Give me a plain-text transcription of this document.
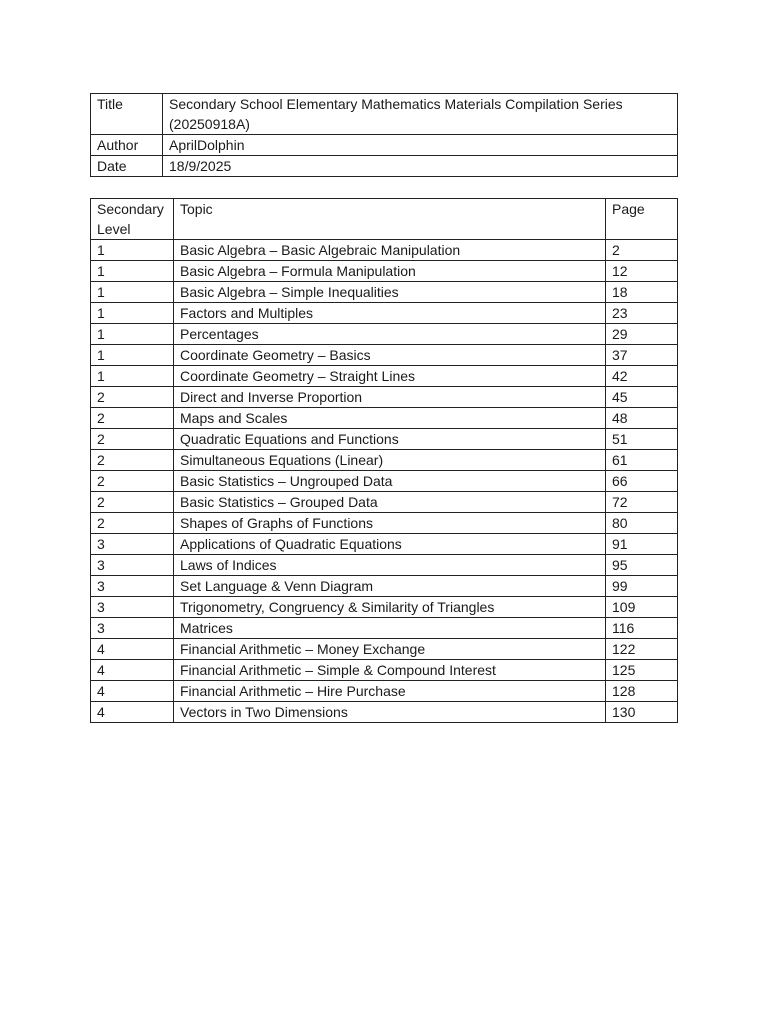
Title	Secondary School Elementary Mathematics Materials Compilation Series (20250918A)
Author	AprilDolphin
Date	18/9/2025
Secondary Level	Topic	Page
1	Basic Algebra – Basic Algebraic Manipulation	2
1	Basic Algebra – Formula Manipulation	12
1	Basic Algebra – Simple Inequalities	18
1	Factors and Multiples	23
1	Percentages	29
1	Coordinate Geometry – Basics	37
1	Coordinate Geometry – Straight Lines	42
2	Direct and Inverse Proportion	45
2	Maps and Scales	48
2	Quadratic Equations and Functions	51
2	Simultaneous Equations (Linear)	61
2	Basic Statistics – Ungrouped Data	66
2	Basic Statistics – Grouped Data	72
2	Shapes of Graphs of Functions	80
3	Applications of Quadratic Equations	91
3	Laws of Indices	95
3	Set Language & Venn Diagram	99
3	Trigonometry, Congruency & Similarity of Triangles	109
3	Matrices	116
4	Financial Arithmetic – Money Exchange	122
4	Financial Arithmetic – Simple & Compound Interest	125
4	Financial Arithmetic – Hire Purchase	128
4	Vectors in Two Dimensions	130
